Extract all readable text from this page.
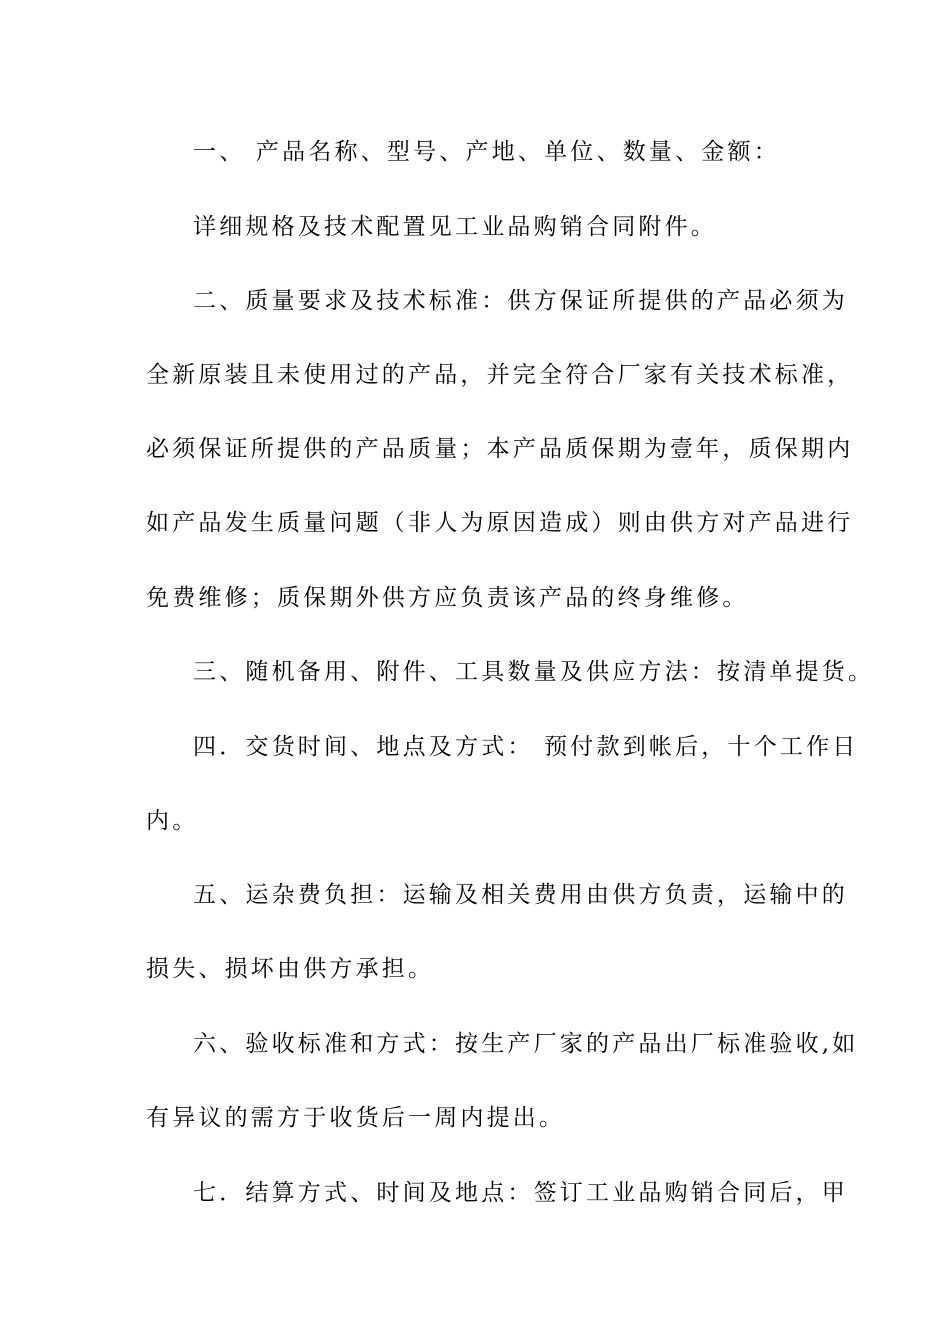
一、 产品名称、型号、产地、单位、数量、金额：
详细规格及技术配置见工业品购销合同附件。
二、质量要求及技术标准：供方保证所提供的产品必须为
全新原装且未使用过的产品，并完全符合厂家有关技术标准，
必须保证所提供的产品质量；本产品质保期为壹年，质保期内
如产品发生质量问题（非人为原因造成）则由供方对产品进行
免费维修；质保期外供方应负责该产品的终身维修。
三、随机备用、附件、工具数量及供应方法：按清单提货。
四．交货时间、地点及方式： 预付款到帐后，十个工作日
内。
五、运杂费负担：运输及相关费用由供方负责，运输中的
损失、损坏由供方承担。
六、验收标准和方式：按生产厂家的产品出厂标准验收,如
有异议的需方于收货后一周内提出。
七．结算方式、时间及地点：签订工业品购销合同后，甲
